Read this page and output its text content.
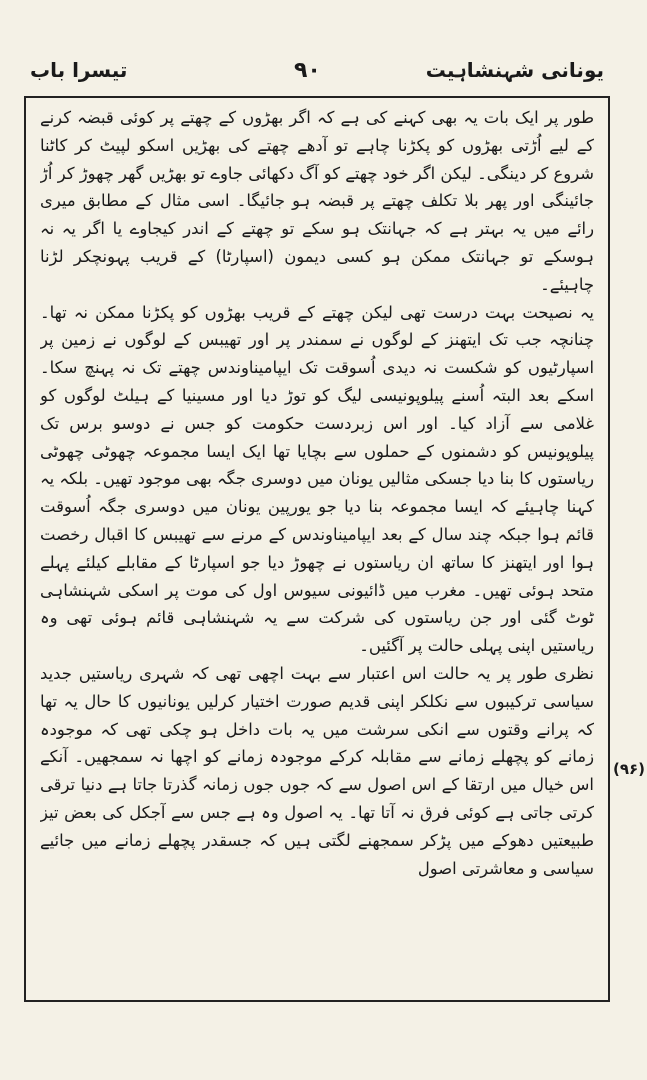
یونانی شہنشاہیت
۹۰
تیسرا باب

طور پر ایک بات یہ بھی کہنے کی ہے کہ اگر بھڑوں کے چھتے پر کوئی قبضہ کرنے کے لیے اُڑتی بھڑوں کو پکڑنا چاہے تو آدھے چھتے کی بھڑیں اسکو لپیٹ کر کاٹنا شروع کر دینگی۔ لیکن اگر خود چھتے کو آگ دکھائی جاوے تو بھڑیں گھر چھوڑ کر اُڑ جائینگی اور پھر بلا تکلف چھتے پر قبضہ ہو جائیگا۔ اسی مثال کے مطابق میری رائے میں یہ بہتر ہے کہ جہانتک ہو سکے تو چھتے کے اندر کیجاوے یا اگر یہ نہ ہوسکے تو جہانتک ممکن ہو کسی دیمون (اسپارٹا) کے قریب پہونچکر لڑنا چاہیئے۔

یہ نصیحت بہت درست تھی لیکن چھتے کے قریب بھڑوں کو پکڑنا ممکن نہ تھا۔ چنانچہ جب تک ایتھنز کے لوگوں نے سمندر پر اور تھیبس کے لوگوں نے زمین پر اسپارٹیوں کو شکست نہ دیدی اُسوقت تک ایپامیناوندس چھتے تک نہ پہنچ سکا۔ اسکے بعد البتہ اُسنے پیلوپونیسی لیگ کو توڑ دیا اور مسینیا کے ہیلٹ لوگوں کو غلامی سے آزاد کیا۔ اور اس زبردست حکومت کو جس نے دوسو برس تک پیلوپونیس کو دشمنوں کے حملوں سے بچایا تھا ایک ایسا مجموعہ چھوٹی چھوٹی ریاستوں کا بنا دیا جسکی مثالیں یونان میں دوسری جگہ بھی موجود تھیں۔ بلکہ یہ کہنا چاہیئے کہ ایسا مجموعہ بنا دیا جو یورپین یونان میں دوسری جگہ اُسوقت قائم ہوا جبکہ چند سال کے بعد ایپامیناوندس کے مرنے سے تھیبس کا اقبال رخصت ہوا اور ایتھنز کا ساتھ ان ریاستوں نے چھوڑ دیا جو اسپارٹا کے مقابلے کیلئے پہلے متحد ہوئی تھیں۔ مغرب میں ڈائیونی سیوس اول کی موت پر اسکی شہنشاہی ٹوٹ گئی اور جن ریاستوں کی شرکت سے یہ شہنشاہی قائم ہوئی تھی وہ ریاستیں اپنی پہلی حالت پر آگئیں۔

نظری طور پر یہ حالت اس اعتبار سے بہت اچھی تھی کہ شہری ریاستیں جدید سیاسی ترکیبوں سے نکلکر اپنی قدیم صورت اختیار کرلیں یونانیوں کا حال یہ تھا کہ پرانے وقتوں سے انکی سرشت میں یہ بات داخل ہو چکی تھی کہ موجودہ زمانے کو پچھلے زمانے سے مقابلہ کرکے موجودہ زمانے کو اچھا نہ سمجھیں۔ آنکے اس خیال میں ارتقا کے اس اصول سے کہ جوں جوں زمانہ گذرتا جاتا ہے دنیا ترقی کرتی جاتی ہے کوئی فرق نہ آتا تھا۔ یہ اصول وہ ہے جس سے آجکل کی بعض تیز طبیعتیں دھوکے میں پڑکر سمجھنے لگتی ہیں کہ جسقدر پچھلے زمانے میں جائیے سیاسی و معاشرتی اصول

(۹۶)
